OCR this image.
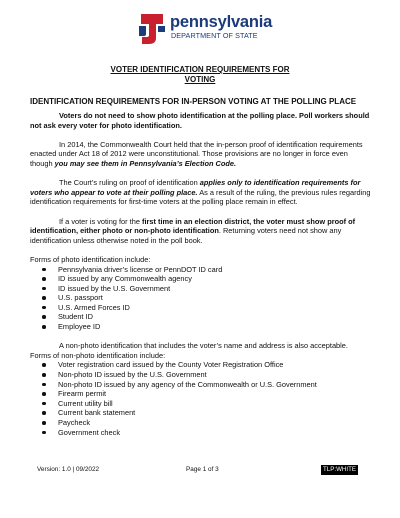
pennsylvania
DEPARTMENT OF STATE
VOTER IDENTIFICATION REQUIREMENTS FOR
VOTING
IDENTIFICATION REQUIREMENTS FOR IN-PERSON VOTING AT THE POLLING PLACE

Voters do not need to show photo identification at the polling place. Poll workers should not ask every voter for photo identification.

In 2014, the Commonwealth Court held that the in-person proof of identification requirements enacted under Act 18 of 2012 were unconstitutional. Those provisions are no longer in force even though you may see them in Pennsylvania’s Election Code.

The Court’s ruling on proof of identification applies only to identification requirements for voters who appear to vote at their polling place. As a result of the ruling, the previous rules regarding identification requirements for first-time voters at the polling place remain in effect.

If a voter is voting for the first time in an election district, the voter must show proof of identification, either photo or non-photo identification. Returning voters need not show any identification unless otherwise noted in the poll book.

Forms of photo identification include:

Pennsylvania driver’s license or PennDOT ID card
ID issued by any Commonwealth agency
ID issued by the U.S. Government
U.S. passport
U.S. Armed Forces ID
Student ID
Employee ID

A non-photo identification that includes the voter’s name and address is also acceptable.

Forms of non-photo identification include:

Voter registration card issued by the County Voter Registration Office
Non-photo ID issued by the U.S. Government
Non-photo ID issued by any agency of the Commonwealth or U.S. Government
Firearm permit
Current utility bill
Current bank statement
Paycheck
Government check
Version: 1.0 | 09/2022	Page 1 of 3	TLP:WHITE
